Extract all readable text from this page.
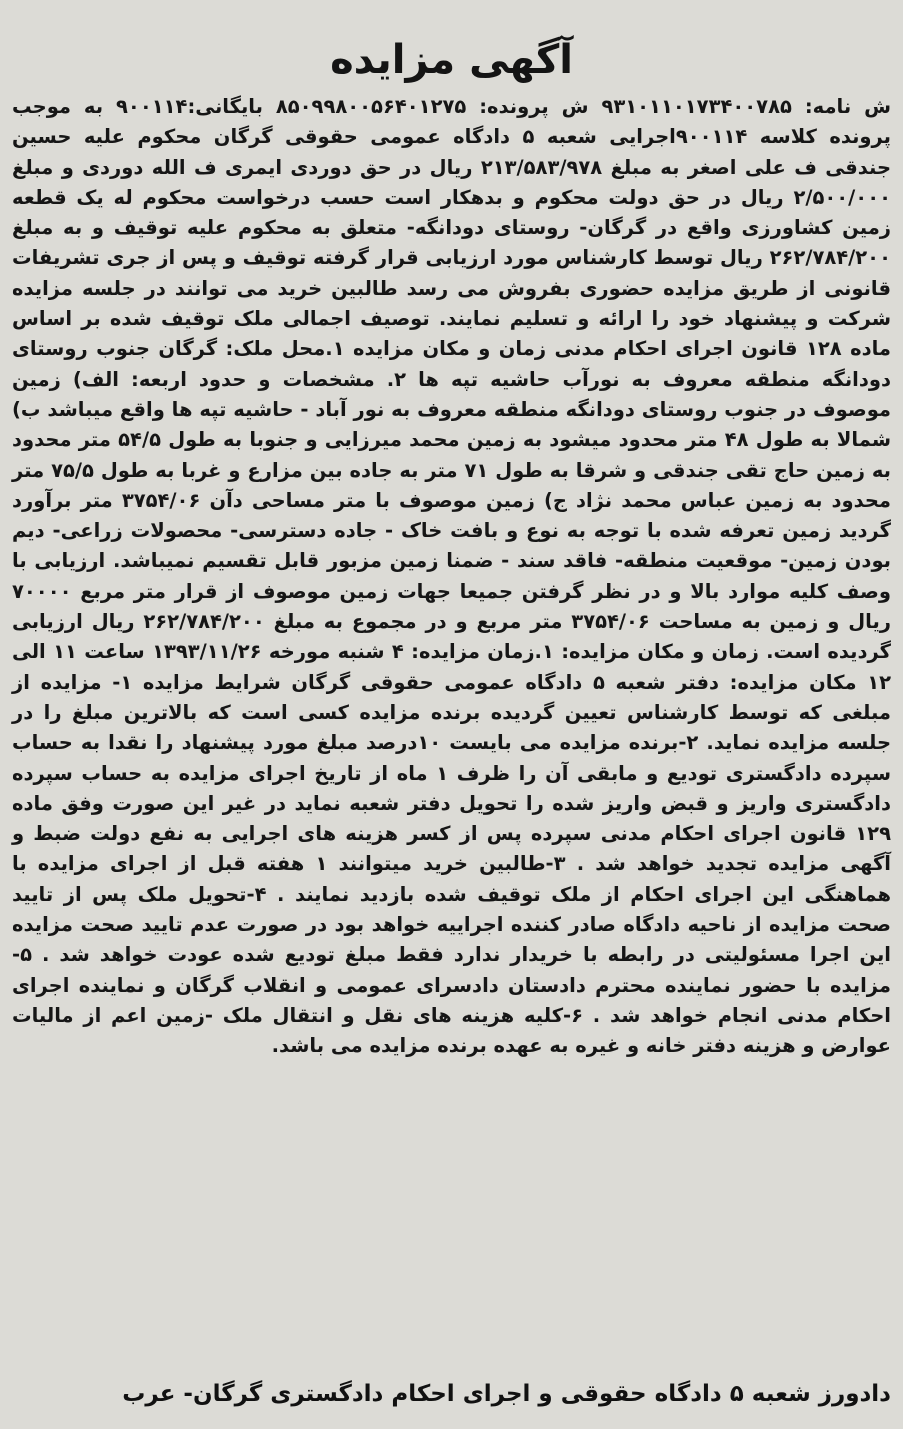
آگهی مزایده
ش نامه: ۹۳۱۰۱۱۰۱۷۳۴۰۰۷۸۵ ش پرونده: ۸۵۰۹۹۸۰۰۵۶۴۰۱۲۷۵ بایگانی:۹۰۰۱۱۴ به موجب پرونده کلاسه ۹۰۰۱۱۴اجرایی شعبه ۵ دادگاه عمومی حقوقی گرگان محکوم علیه حسین جندقی ف علی اصغر به مبلغ ۲۱۳/۵۸۳/۹۷۸ ریال در حق دوردی ایمری ف الله دوردی و مبلغ ۲/۵۰۰/۰۰۰ ریال در حق دولت محکوم و بدهکار است حسب درخواست محکوم له یک قطعه زمین کشاورزی واقع در گرگان- روستای دودانگه- متعلق به محکوم علیه توقیف و به مبلغ ۲۶۲/۷۸۴/۲۰۰ ریال توسط کارشناس مورد ارزیابی قرار گرفته توقیف و پس از جری تشریفات قانونی از طریق مزایده حضوری بفروش می رسد طالبین خرید می توانند در جلسه مزایده شرکت و پیشنهاد خود را ارائه و تسلیم نمایند. توصیف اجمالی ملک توقیف شده بر اساس ماده ۱۲۸ قانون اجرای احکام مدنی زمان و مکان مزایده ۱.محل ملک: گرگان جنوب روستای دودانگه منطقه معروف به نورآب حاشیه تپه ها ۲. مشخصات و حدود اربعه: الف) زمین موصوف در جنوب روستای دودانگه منطقه معروف به نور آباد - حاشیه تپه ها واقع میباشد ب) شمالا به طول ۴۸ متر محدود میشود به زمین محمد میرزایی و جنوبا به طول ۵۴/۵ متر محدود به زمین حاج تقی جندقی و شرقا به طول ۷۱ متر به جاده بین مزارع و غربا به طول ۷۵/۵ متر محدود به زمین عباس محمد نژاد ج) زمین موصوف با متر مساحی دآن ۳۷۵۴/۰۶ متر برآورد گردید زمین تعرفه شده با توجه به نوع و بافت خاک - جاده دسترسی- محصولات زراعی- دیم بودن زمین- موقعیت منطقه- فاقد سند - ضمنا زمین مزبور قابل تقسیم نمیباشد. ارزیابی با وصف کلیه موارد بالا و در نظر گرفتن جمیعا جهات زمین موصوف از قرار متر مربع ۷۰۰۰۰ ریال و زمین به مساحت ۳۷۵۴/۰۶ متر مربع و در مجموع به مبلغ ۲۶۲/۷۸۴/۲۰۰ ریال ارزیابی گردیده است. زمان و مکان مزایده: ۱.زمان مزایده: ۴ شنبه مورخه ۱۳۹۳/۱۱/۲۶ ساعت ۱۱ الی ۱۲ مکان مزایده: دفتر شعبه ۵ دادگاه عمومی حقوقی گرگان شرایط مزایده ۱- مزایده از مبلغی که توسط کارشناس تعیین گردیده برنده مزایده کسی است که بالاترین مبلغ را در جلسه مزایده نماید. ۲-برنده مزایده می بایست ۱۰درصد مبلغ مورد پیشنهاد را نقدا به حساب سپرده دادگستری تودیع و مابقی آن را ظرف ۱ ماه از تاریخ اجرای مزایده به حساب سپرده دادگستری واریز و قبض واریز شده را تحویل دفتر شعبه نماید در غیر این صورت وفق ماده ۱۲۹ قانون اجرای احکام مدنی سپرده پس از کسر هزینه های اجرایی به نفع دولت ضبط و آگهی مزایده تجدید خواهد شد . ۳-طالبین خرید میتوانند ۱ هفته قبل از اجرای مزایده با هماهنگی این اجرای احکام از ملک توقیف شده بازدید نمایند . ۴-تحویل ملک پس از تایید صحت مزایده از ناحیه دادگاه صادر کننده اجراییه خواهد بود در صورت عدم تایید صحت مزایده این اجرا مسئولیتی در رابطه با خریدار ندارد فقط مبلغ تودیع شده عودت خواهد شد . ۵- مزایده با حضور نماینده محترم دادستان دادسرای عمومی و انقلاب گرگان و نماینده اجرای احکام مدنی انجام خواهد شد . ۶-کلیه هزینه های نقل و انتقال ملک -زمین اعم از مالیات عوارض و هزینه دفتر خانه و غیره به عهده برنده مزایده می باشد.
دادورز شعبه ۵ دادگاه حقوقی و اجرای احکام دادگستری گرگان- عرب
